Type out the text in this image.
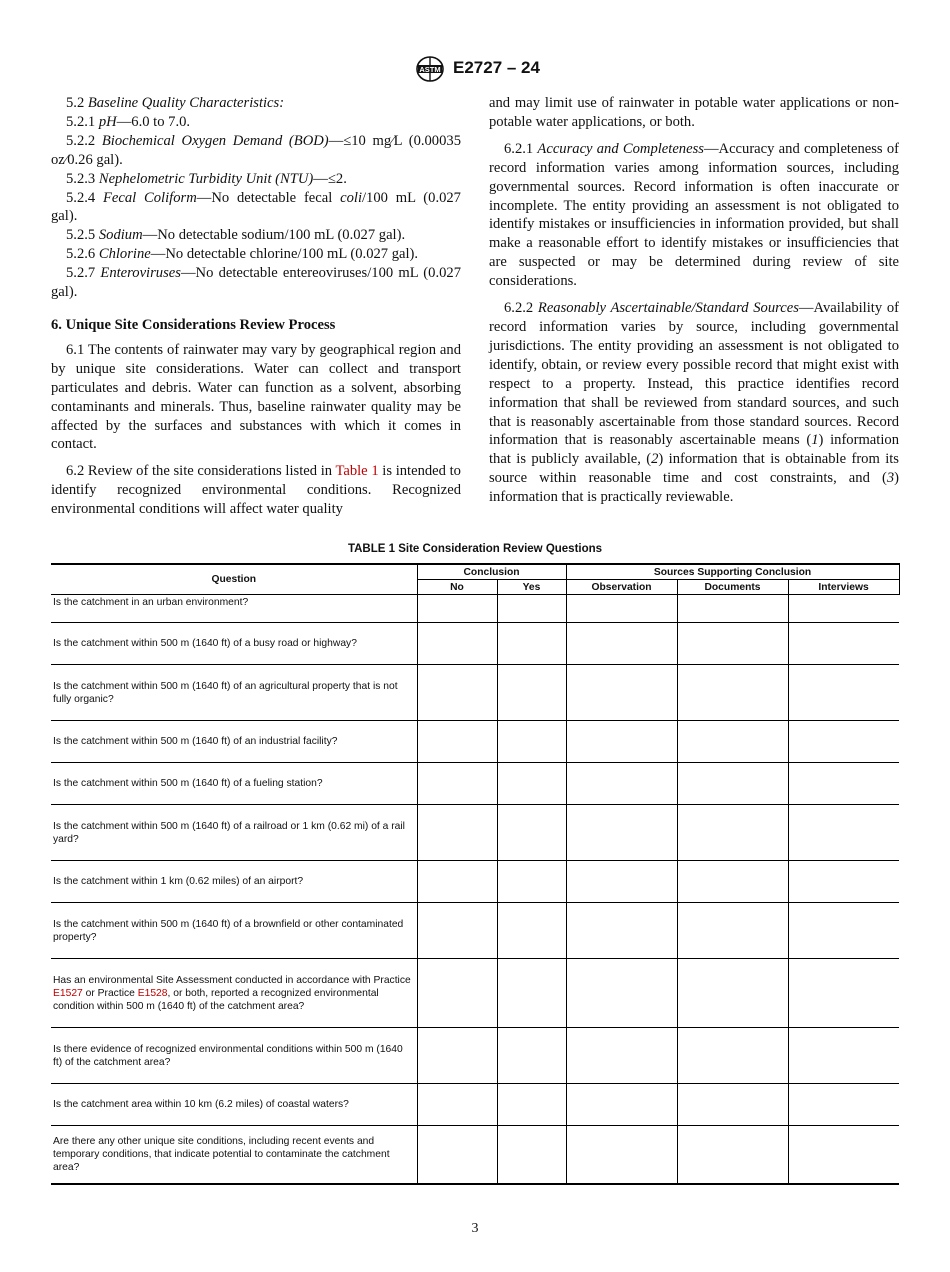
ASTM E2727 – 24

5.2 Baseline Quality Characteristics:

5.2.1 pH—6.0 to 7.0.

5.2.2 Biochemical Oxygen Demand (BOD)—≤10 mg⁄L (0.00035 oz⁄0.26 gal).

5.2.3 Nephelometric Turbidity Unit (NTU)—≤2.

5.2.4 Fecal Coliform—No detectable fecal coli/100 mL (0.027 gal).

5.2.5 Sodium—No detectable sodium/100 mL (0.027 gal).

5.2.6 Chlorine—No detectable chlorine/100 mL (0.027 gal).

5.2.7 Enteroviruses—No detectable entereoviruses/100 mL (0.027 gal).

6. Unique Site Considerations Review Process

6.1 The contents of rainwater may vary by geographical region and by unique site considerations. Water can collect and transport particulates and debris. Water can function as a solvent, absorbing contaminants and minerals. Thus, baseline rainwater quality may be affected by the surfaces and substances with which it comes in contact.

6.2 Review of the site considerations listed in Table 1 is intended to identify recognized environmental conditions. Recognized environmental conditions will affect water quality

and may limit use of rainwater in potable water applications or non-potable water applications, or both.

6.2.1 Accuracy and Completeness—Accuracy and completeness of record information varies among information sources, including governmental sources. Record information is often inaccurate or incomplete. The entity providing an assessment is not obligated to identify mistakes or insufficiencies in information provided, but shall make a reasonable effort to identify mistakes or insufficiencies that are suspected or may be determined during review of site considerations.

6.2.2 Reasonably Ascertainable/Standard Sources—Availability of record information varies by source, including governmental jurisdictions. The entity providing an assessment is not obligated to identify, obtain, or review every possible record that might exist with respect to a property. Instead, this practice identifies record information that shall be reviewed from standard sources, and such that is reasonably ascertainable from those standard sources. Record information that is reasonably ascertainable means (1) information that is publicly available, (2) information that is obtainable from its source within reasonable time and cost constraints, and (3) information that is practically reviewable.

TABLE 1 Site Consideration Review Questions
Question	Conclusion		Sources Supporting Conclusion		
	No	Yes	Observation	Documents	Interviews
Is the catchment in an urban environment?					
Is the catchment within 500 m (1640 ft) of a busy road or highway?					
Is the catchment within 500 m (1640 ft) of an agricultural property that is not fully organic?					
Is the catchment within 500 m (1640 ft) of an industrial facility?					
Is the catchment within 500 m (1640 ft) of a fueling station?					
Is the catchment within 500 m (1640 ft) of a railroad or 1 km (0.62 mi) of a rail yard?					
Is the catchment within 1 km (0.62 miles) of an airport?					
Is the catchment within 500 m (1640 ft) of a brownfield or other contaminated property?					
Has an environmental Site Assessment conducted in accordance with Practice E1527 or Practice E1528, or both, reported a recognized environmental condition within 500 m (1640 ft) of the catchment area?					
Is there evidence of recognized environmental conditions within 500 m (1640 ft) of the catchment area?					
Is the catchment area within 10 km (6.2 miles) of coastal waters?					
Are there any other unique site conditions, including recent events and temporary conditions, that indicate potential to contaminate the catchment area?					
3
